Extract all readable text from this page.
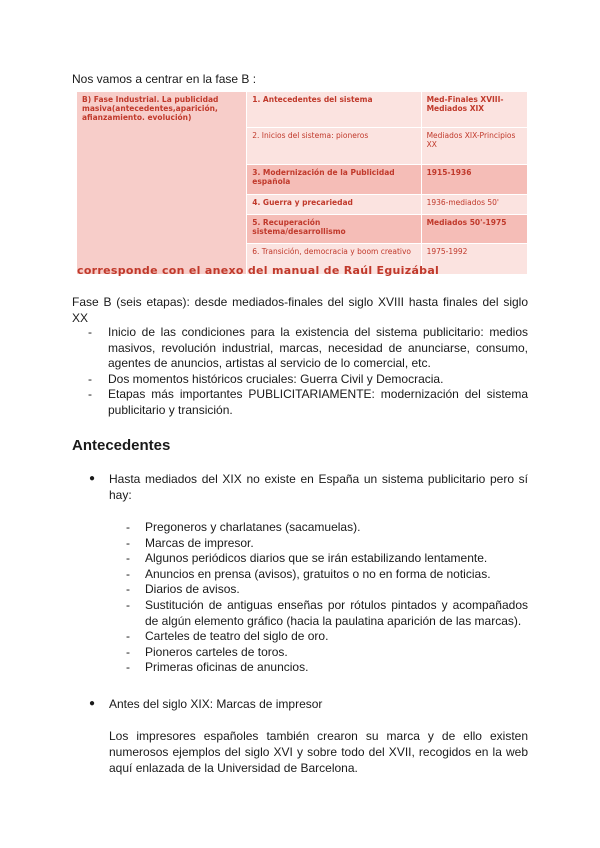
Nos vamos a centrar en la fase B :
B) Fase Industrial. La publicidad masiva(antecedentes,aparición, afianzamiento. evolución)	1. Antecedentes del sistema	Med-Finales XVIII-Mediados XIX
	2. Inicios del sistema: pioneros	Mediados XIX-Principios XX
	3. Modernización de la Publicidad española	1915-1936
	4. Guerra y precariedad	1936-mediados 50'
	5. Recuperación sistema/desarrollismo	Mediados 50'-1975
	6. Transición, democracia y boom creativo	1975-1992
corresponde con el anexo del manual de Raúl Eguizábal
Fase B (seis etapas): desde mediados-finales del siglo XVIII hasta finales del siglo XX
- Inicio de las condiciones para la existencia del sistema publicitario: medios masivos, revolución industrial, marcas, necesidad de anunciarse, consumo, agentes de anuncios, artistas al servicio de lo comercial, etc.
- Dos momentos históricos cruciales: Guerra Civil y Democracia.
- Etapas más importantes PUBLICITARIAMENTE: modernización del sistema publicitario y transición.
Antecedentes
● Hasta mediados del XIX no existe en España un sistema publicitario pero sí hay:
- Pregoneros y charlatanes (sacamuelas).
- Marcas de impresor.
- Algunos periódicos diarios que se irán estabilizando lentamente.
- Anuncios en prensa (avisos), gratuitos o no en forma de noticias.
- Diarios de avisos.
- Sustitución de antiguas enseñas por rótulos pintados y acompañados de algún elemento gráfico (hacia la paulatina aparición de las marcas).
- Carteles de teatro del siglo de oro.
- Pioneros carteles de toros.
- Primeras oficinas de anuncios.
● Antes del siglo XIX: Marcas de impresor
Los impresores españoles también crearon su marca y de ello existen numerosos ejemplos del siglo XVI y sobre todo del XVII, recogidos en la web aquí enlazada de la Universidad de Barcelona.
